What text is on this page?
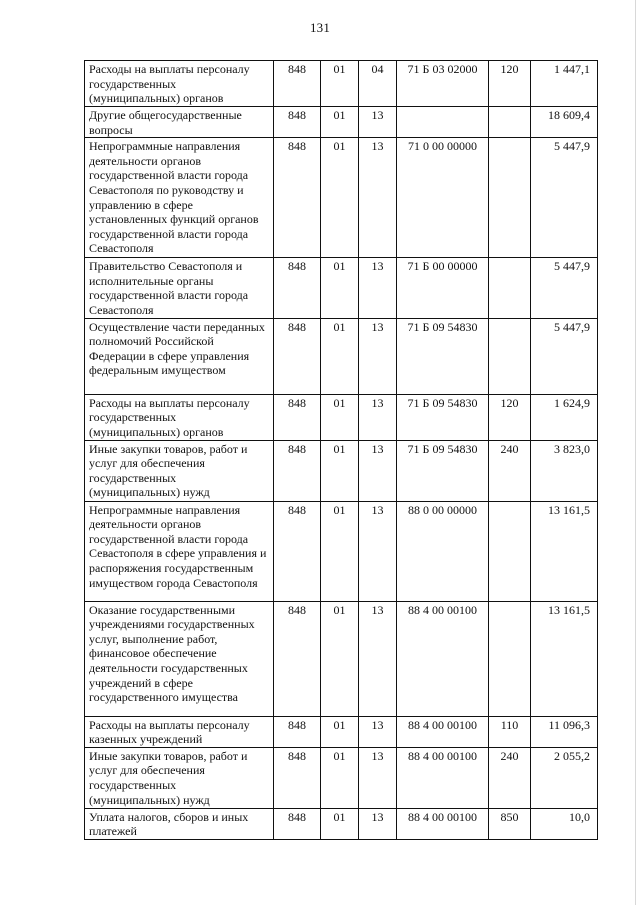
131
Расходы на выплаты персоналу государственных (муниципальных) органов	848	01	04	71 Б 03 02000	120	1 447,1
Другие общегосударственные вопросы	848	01	13			18 609,4
Непрограммные направления деятельности органов государственной власти города Севастополя по руководству и управлению в сфере установленных функций органов государственной власти города Севастополя	848	01	13	71 0 00 00000		5 447,9
Правительство Севастополя и исполнительные органы государственной власти города Севастополя	848	01	13	71 Б 00 00000		5 447,9
Осуществление части переданных полномочий Российской Федерации в сфере управления федеральным имуществом	848	01	13	71 Б 09 54830		5 447,9
Расходы на выплаты персоналу государственных (муниципальных) органов	848	01	13	71 Б 09 54830	120	1 624,9
Иные закупки товаров, работ и услуг для обеспечения государственных (муниципальных) нужд	848	01	13	71 Б 09 54830	240	3 823,0
Непрограммные направления деятельности органов государственной власти города Севастополя в сфере управления и распоряжения государственным имуществом города Севастополя	848	01	13	88 0 00 00000		13 161,5
Оказание государственными учреждениями государственных услуг, выполнение работ, финансовое обеспечение деятельности государственных учреждений в сфере государственного имущества	848	01	13	88 4 00 00100		13 161,5
Расходы на выплаты персоналу казенных учреждений	848	01	13	88 4 00 00100	110	11 096,3
Иные закупки товаров, работ и услуг для обеспечения государственных (муниципальных) нужд	848	01	13	88 4 00 00100	240	2 055,2
Уплата налогов, сборов и иных платежей	848	01	13	88 4 00 00100	850	10,0
